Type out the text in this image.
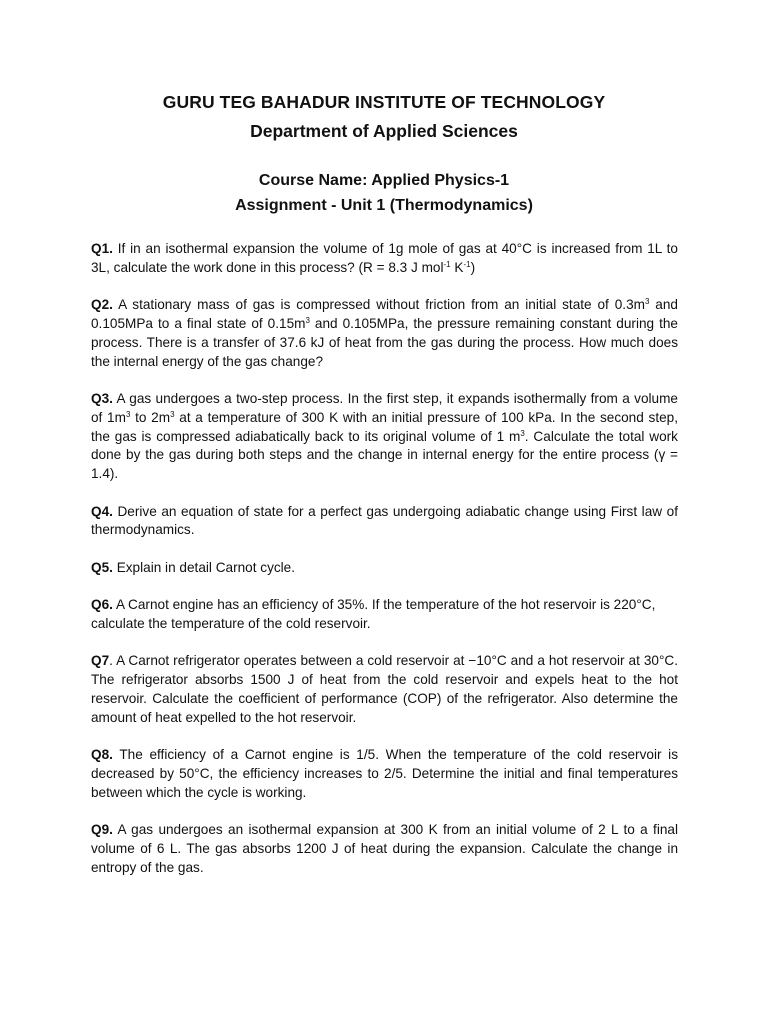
GURU TEG BAHADUR INSTITUTE OF TECHNOLOGY
Department of Applied Sciences
Course Name: Applied Physics-1
Assignment - Unit 1 (Thermodynamics)

Q1. If in an isothermal expansion the volume of 1g mole of gas at 40°C is increased from 1L to 3L, calculate the work done in this process? (R = 8.3 J mol$^{-1}$ $K^{-1}$)

Q2. A stationary mass of gas is compressed without friction from an initial state of $0.3m^3$ and 0.105MPa to a final state of $0.15m^3$ and 0.105MPa, the pressure remaining constant during the process. There is a transfer of 37.6 kJ of heat from the gas during the process. How much does the internal energy of the gas change?

Q3. A gas undergoes a two-step process. In the first step, it expands isothermally from a volume of $1m^3$ to $2m^3$ at a temperature of 300 K with an initial pressure of 100 kPa. In the second step, the gas is compressed adiabatically back to its original volume of 1 $m^3$. Calculate the total work done by the gas during both steps and the change in internal energy for the entire process (γ = 1.4).

Q4. Derive an equation of state for a perfect gas undergoing adiabatic change using First law of thermodynamics.

Q5. Explain in detail Carnot cycle.

Q6. A Carnot engine has an efficiency of 35%. If the temperature of the hot reservoir is 220°C, calculate the temperature of the cold reservoir.

Q7. A Carnot refrigerator operates between a cold reservoir at −10°C and a hot reservoir at 30°C. The refrigerator absorbs 1500 J of heat from the cold reservoir and expels heat to the hot reservoir. Calculate the coefficient of performance (COP) of the refrigerator. Also determine the amount of heat expelled to the hot reservoir.

Q8. The efficiency of a Carnot engine is 1/5. When the temperature of the cold reservoir is decreased by 50°C, the efficiency increases to 2/5. Determine the initial and final temperatures between which the cycle is working.

Q9. A gas undergoes an isothermal expansion at 300 K from an initial volume of 2 L to a final volume of 6 L. The gas absorbs 1200 J of heat during the expansion. Calculate the change in entropy of the gas.
